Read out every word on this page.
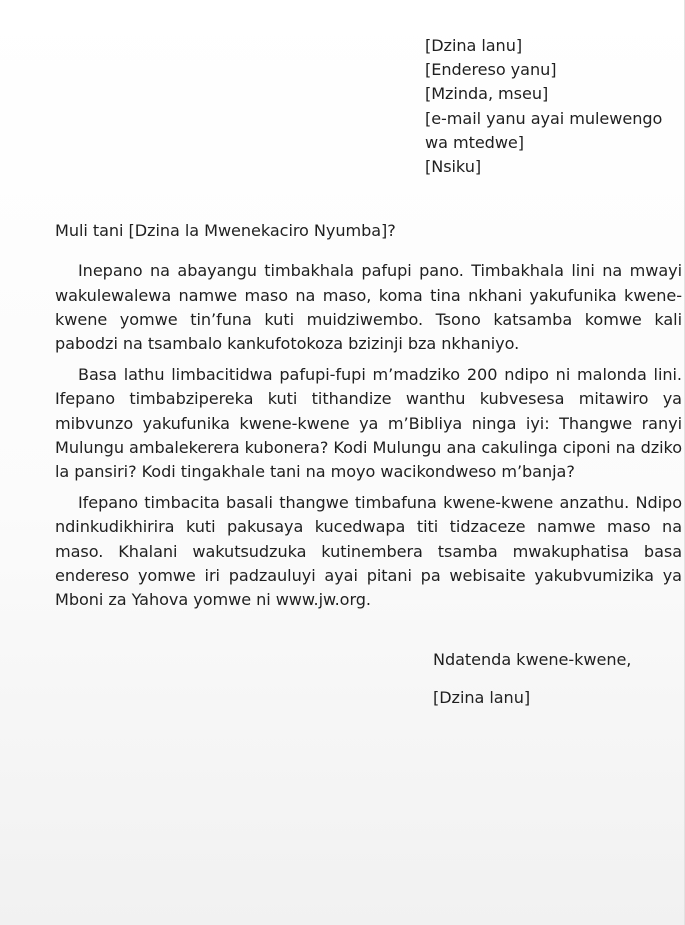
[Dzina lanu]
[Endereso yanu]
[Mzinda, mseu]
[e-mail yanu ayai mulewengo
wa mtedwe]
[Nsiku]
Muli tani [Dzina la Mwenekaciro Nyumba]?

Inepano na abayangu timbakhala pafupi pano. Timbakhala lini na mwayi wakulewalewa namwe maso na maso, koma tina nkhani yakufunika kwene-kwene yomwe tin’funa kuti muidziwembo. Tsono katsamba komwe kali pabodzi na tsambalo kankufotokoza bzizinji bza nkhaniyo.

Basa lathu limbacitidwa pafupi-fupi m’madziko 200 ndipo ni malonda lini. Ifepano timbabzipereka kuti tithandize wanthu kubvesesa mitawiro ya mibvunzo yakufunika kwene-kwene ya m’Bibliya ninga iyi: Thangwe ranyi Mulungu ambalekerera kubonera? Kodi Mulungu ana cakulinga ciponi na dziko la pansiri? Kodi tingakhale tani na moyo wacikondweso m’banja?

Ifepano timbacita basali thangwe timbafuna kwene-kwene anzathu. Ndipo ndinkudikhirira kuti pakusaya kucedwapa titi tidzaceze namwe maso na maso. Khalani wakutsudzuka kutinembera tsamba mwakuphatisa basa endereso yomwe iri padzauluyi ayai pitani pa webisaite yakubvumizika ya Mboni za Yahova yomwe ni www.jw.org.

Ndatenda kwene-kwene,
[Dzina lanu]
